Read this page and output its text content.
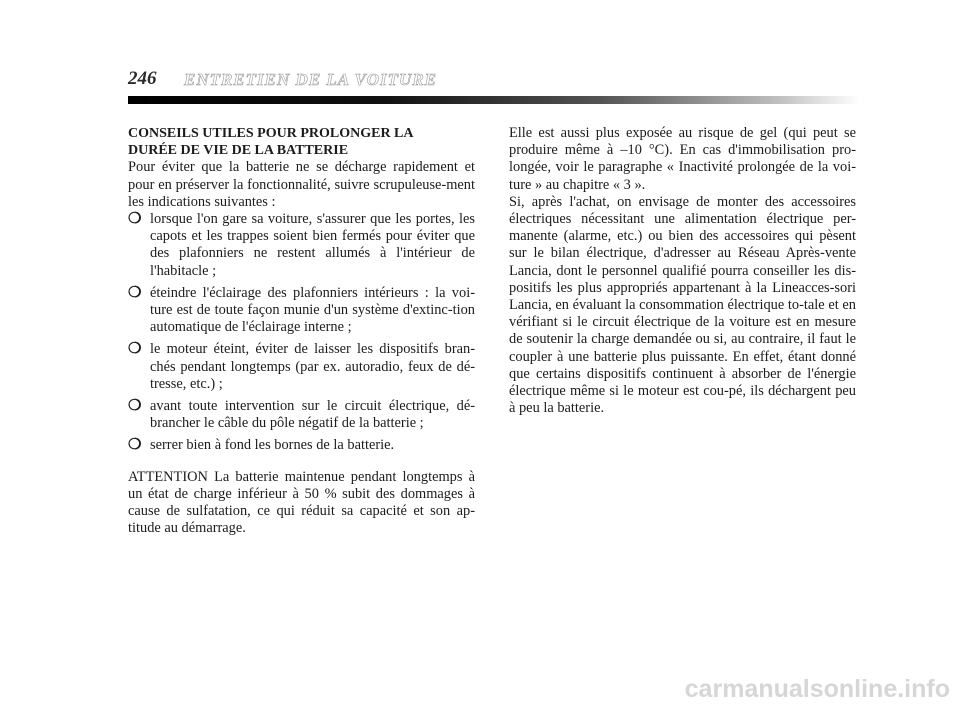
246 ENTRETIEN DE LA VOITURE

CONSEILS UTILES POUR PROLONGER LA
DURÉE DE VIE DE LA BATTERIE

Pour éviter que la batterie ne se décharge rapidement et pour en préserver la fonctionnalité, suivre scrupuleuse-ment les indications suivantes :

❍ lorsque l'on gare sa voiture, s'assurer que les portes, les capots et les trappes soient bien fermés pour éviter que des plafonniers ne restent allumés à l'intérieur de l'habitacle ;
❍ éteindre l'éclairage des plafonniers intérieurs : la voi-ture est de toute façon munie d'un système d'extinc-tion automatique de l'éclairage interne ;
❍ le moteur éteint, éviter de laisser les dispositifs bran-chés pendant longtemps (par ex. autoradio, feux de dé-tresse, etc.) ;
❍ avant toute intervention sur le circuit électrique, dé-brancher le câble du pôle négatif de la batterie ;
❍ serrer bien à fond les bornes de la batterie.

ATTENTION La batterie maintenue pendant longtemps à un état de charge inférieur à 50 % subit des dommages à cause de sulfatation, ce qui réduit sa capacité et son ap-titude au démarrage.

Elle est aussi plus exposée au risque de gel (qui peut se produire même à –10 °C). En cas d'immobilisation pro-longée, voir le paragraphe « Inactivité prolongée de la voi-ture » au chapitre « 3 ».

Si, après l'achat, on envisage de monter des accessoires électriques nécessitant une alimentation électrique per-manente (alarme, etc.) ou bien des accessoires qui pèsent sur le bilan électrique, d'adresser au Réseau Après-vente Lancia, dont le personnel qualifié pourra conseiller les dis-positifs les plus appropriés appartenant à la Lineacces-sori Lancia, en évaluant la consommation électrique to-tale et en vérifiant si le circuit électrique de la voiture est en mesure de soutenir la charge demandée ou si, au contraire, il faut le coupler à une batterie plus puissante. En effet, étant donné que certains dispositifs continuent à absorber de l'énergie électrique même si le moteur est cou-pé, ils déchargent peu à peu la batterie.

carmanualsonline.info
